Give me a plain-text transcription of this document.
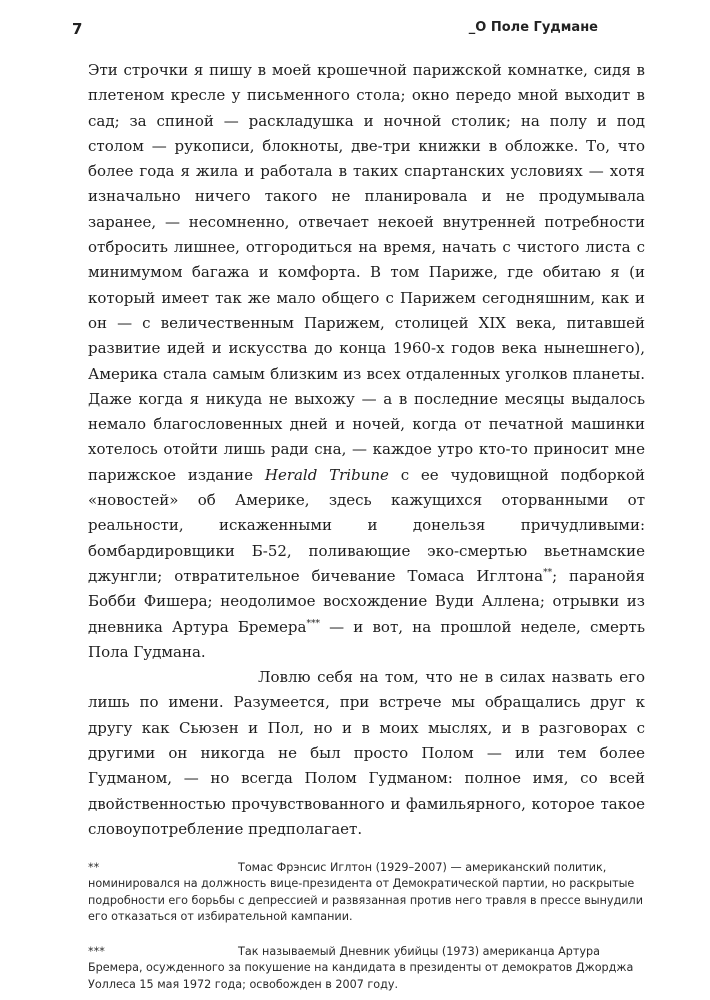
7	_О Поле Гудмане

Эти строчки я пишу в моей крошечной парижской комнатке, сидя в плетеном кресле у письменного стола; окно передо мной выходит в сад; за спиной — раскладушка и ночной столик; на полу и под столом — рукописи, блокноты, две-три книжки в обложке. То, что более года я жила и работала в таких спартанских условиях — хотя изначально ничего такого не планировала и не продумывала заранее, — несомненно, отвечает некоей внутренней потребности отбросить лишнее, отгородиться на время, начать с чистого листа с минимумом багажа и комфорта. В том Париже, где обитаю я (и который имеет так же мало общего с Парижем сегодняшним, как и он — с величественным Парижем, столицей XIX века, питавшей развитие идей и искусства до конца 1960-х годов века нынешнего), Америка стала самым близким из всех отдаленных уголков планеты. Даже когда я никуда не выхожу — а в последние месяцы выдалось немало благословенных дней и ночей, когда от печатной машинки хотелось отойти лишь ради сна, — каждое утро кто-то приносит мне парижское издание Herald Tribune с ее чудовищной подборкой «новостей» об Америке, здесь кажущихся оторванными от реальности, искаженными и донельзя причудливыми: бомбардировщики Б-52, поливающие эко-смертью вьетнамские джунгли; отвратительное бичевание Томаса Иглтона**; паранойя Бобби Фишера; неодолимое восхождение Вуди Аллена; отрывки из дневника Артура Бремера*** — и вот, на прошлой неделе, смерть Пола Гудмана.

Ловлю себя на том, что не в силах назвать его лишь по имени. Разумеется, при встрече мы обращались друг к другу как Сьюзен и Пол, но и в моих мыслях, и в разговорах с другими он никогда не был просто Полом — или тем более Гудманом, — но всегда Полом Гудманом: полное имя, со всей двойственностью прочувствованного и фамильярного, которое такое словоупотребление предполагает.

**	Томас Фрэнсис Иглтон (1929–2007) — американский политик, номинировался на должность вице-президента от Демократической партии, но раскрытые подробности его борьбы с депрессией и развязанная против него травля в прессе вынудили его отказаться от избирательной кампании.
***	Так называемый Дневник убийцы (1973) американца Артура Бремера, осужденного за покушение на кандидата в президенты от демократов Джорджа Уоллеса 15 мая 1972 года; освобожден в 2007 году.
